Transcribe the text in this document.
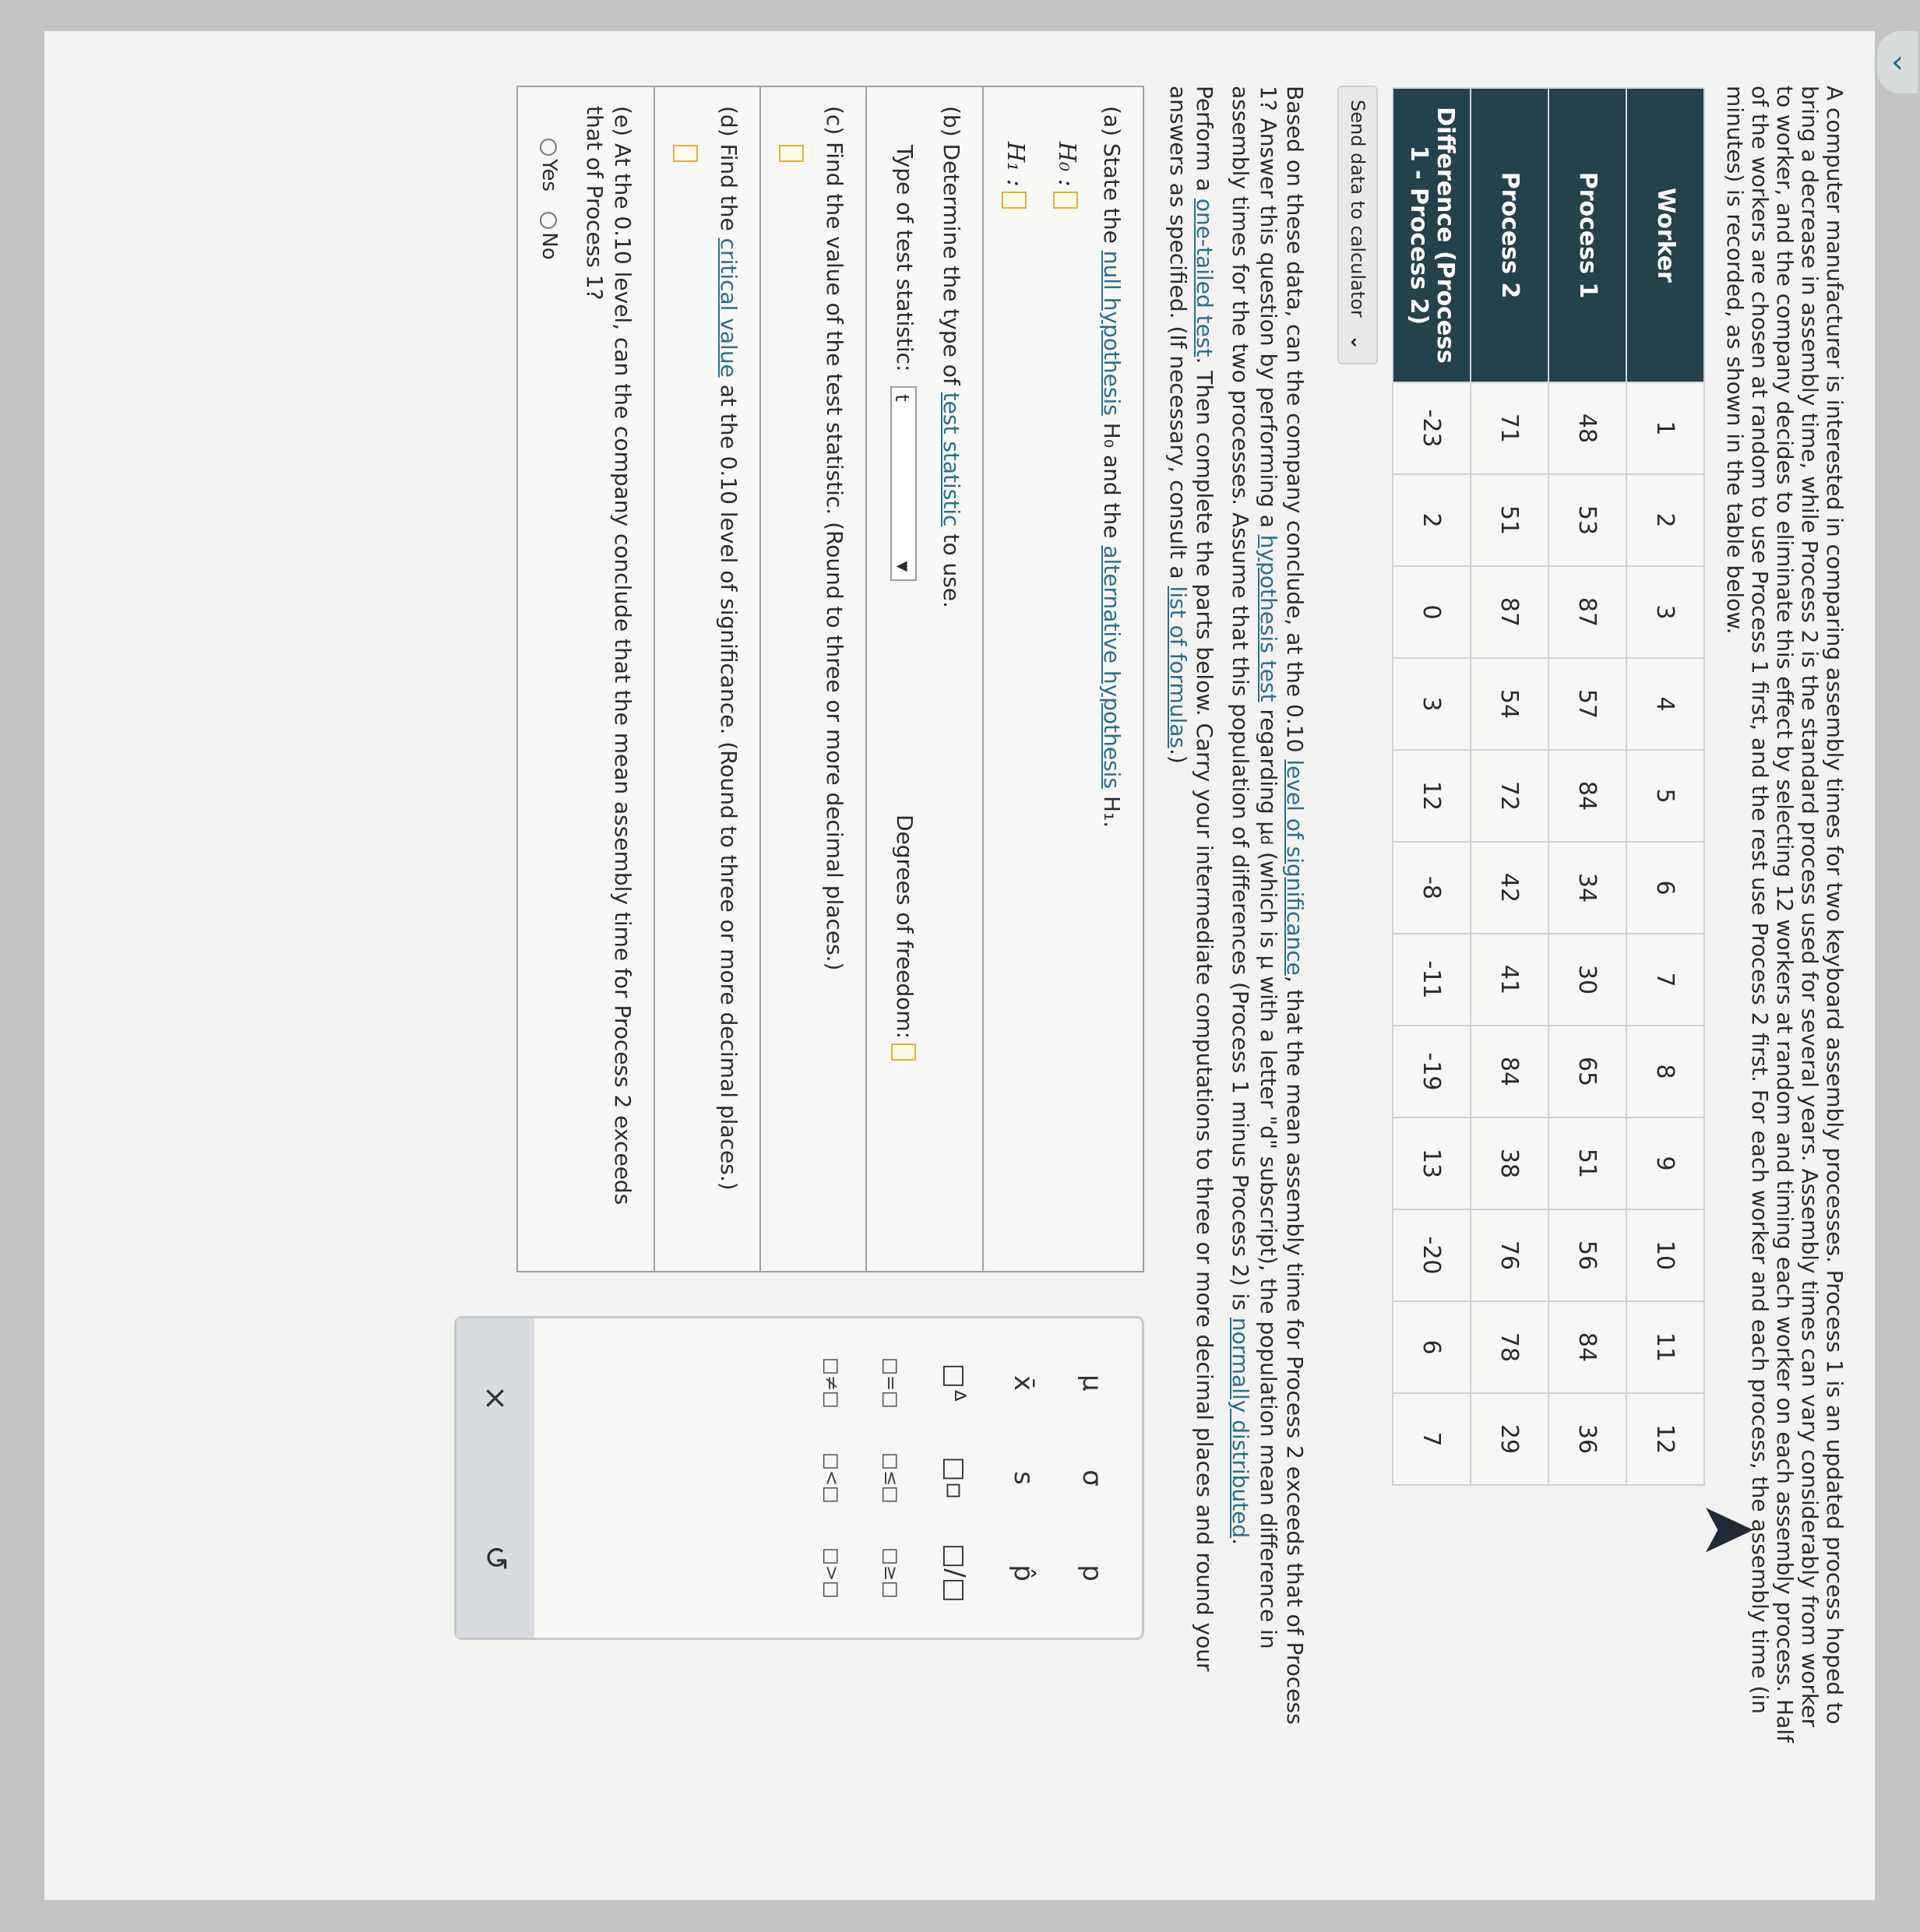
A computer manufacturer is interested in comparing assembly times for two keyboard assembly processes. Process 1 is an updated process hoped to bring a decrease in assembly time, while Process 2 is the standard process used for several years. Assembly times can vary considerably from worker to worker, and the company decides to eliminate this effect by selecting 12 workers at random and timing each worker on each assembly process. Half of the workers are chosen at random to use Process 1 first, and the rest use Process 2 first. For each worker and each process, the assembly time (in minutes) is recorded, as shown in the table below.

Worker	1	2	3	4	5	6	7	8	9	10	11	12
Process 1	48	53	87	57	84	34	30	65	51	56	84	36
Process 2	71	51	87	54	72	42	41	84	38	76	78	29
Difference (Process 1 - Process 2)	-23	2	0	3	12	-8	-11	-19	13	-20	6	7
Send data to calculator ⌄

Based on these data, can the company conclude, at the 0.10 level of significance, that the mean assembly time for Process 2 exceeds that of Process 1? Answer this question by performing a hypothesis test regarding μd (which is μ with a letter "d" subscript), the population mean difference in assembly times for the two processes. Assume that this population of differences (Process 1 minus Process 2) is normally distributed.

Perform a one-tailed test. Then complete the parts below. Carry your intermediate computations to three or more decimal places and round your answers as specified. (If necessary, consult a list of formulas.)

(a) State the null hypothesis H₀ and the alternative hypothesis H₁.
H₀ :
H₁ :
(b) Determine the type of test statistic to use.
Type of test statistic: t
▼
Degrees of freedom:
(c) Find the value of the test statistic. (Round to three or more decimal places.)
(d) Find the critical value at the 0.10 level of significance. (Round to three or more decimal places.)
(e) At the 0.10 level, can the company conclude that the mean assembly time for Process 2 exceeds that of Process 1?
Yes No
μ
σ
p
x̄
s
p̂
□ᐞ
□▫
□/□
□=□
□≤□
□≥□
□≠□
□<□
□>□
×
↺
‹
➤
